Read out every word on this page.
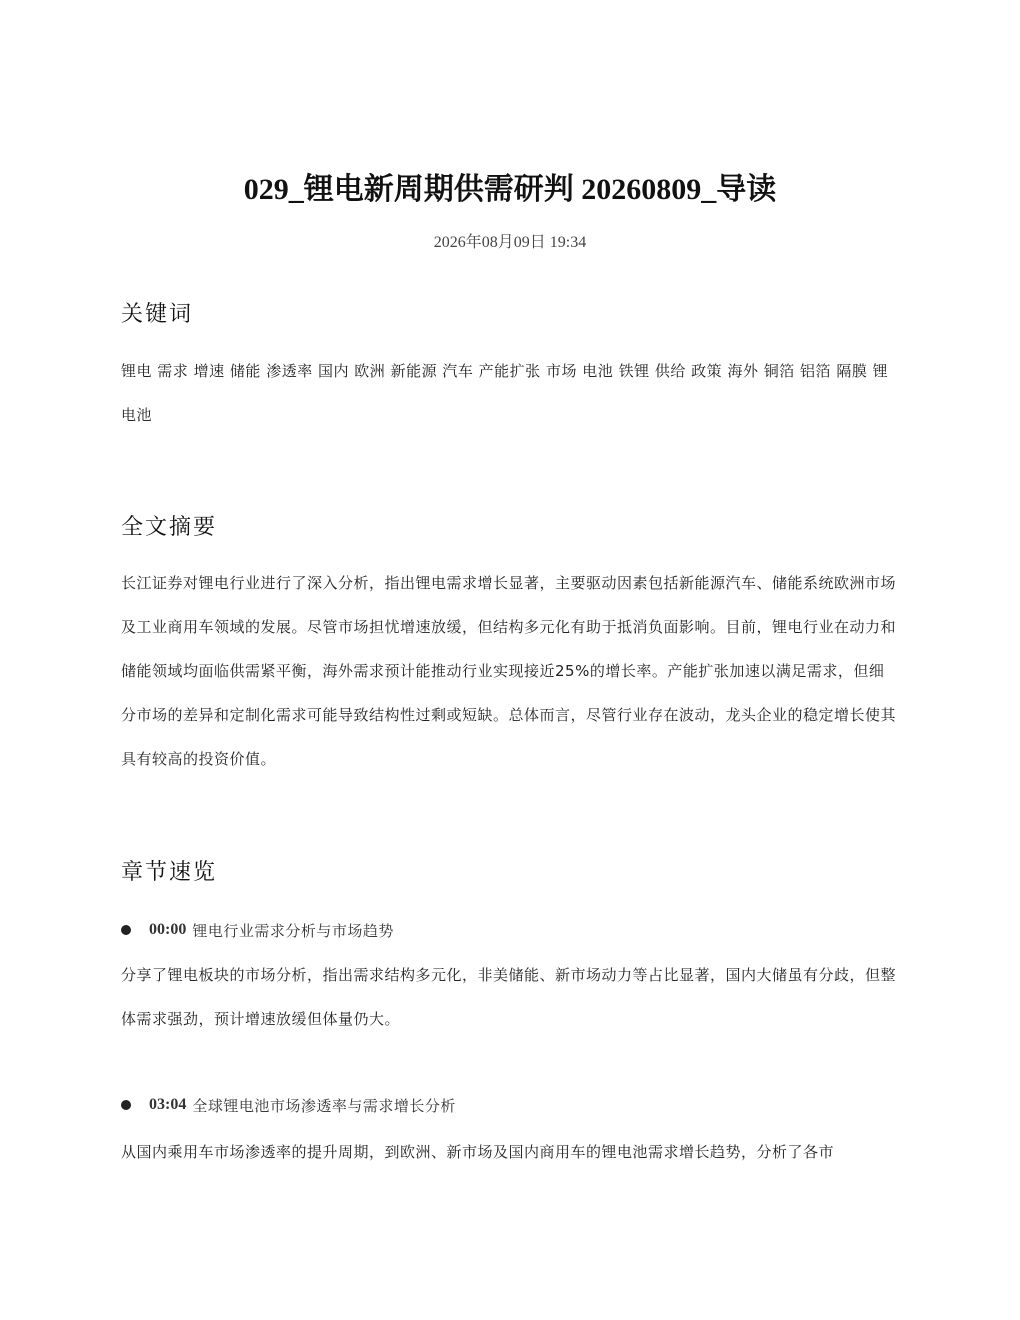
029_锂电新周期供需研判 20260809_导读
2026年08月09日 19:34
关键词

锂电 需求 增速 储能 渗透率 国内 欧洲 新能源 汽车 产能扩张 市场 电池 铁锂 供给 政策 海外 铜箔 铝箔 隔膜 锂电池

全文摘要

长江证券对锂电行业进行了深入分析，指出锂电需求增长显著，主要驱动因素包括新能源汽车、储能系统欧洲市场及工业商用车领域的发展。尽管市场担忧增速放缓，但结构多元化有助于抵消负面影响。目前，锂电行业在动力和储能领域均面临供需紧平衡，海外需求预计能推动行业实现接近25%的增长率。产能扩张加速以满足需求，但细分市场的差异和定制化需求可能导致结构性过剩或短缺。总体而言，尽管行业存在波动，龙头企业的稳定增长使其具有较高的投资价值。

章节速览
00:00 锂电行业需求分析与市场趋势

分享了锂电板块的市场分析，指出需求结构多元化，非美储能、新市场动力等占比显著，国内大储虽有分歧，但整体需求强劲，预计增速放缓但体量仍大。

03:04 全球锂电池市场渗透率与需求增长分析

从国内乘用车市场渗透率的提升周期，到欧洲、新市场及国内商用车的锂电池需求增长趋势，分析了各市
